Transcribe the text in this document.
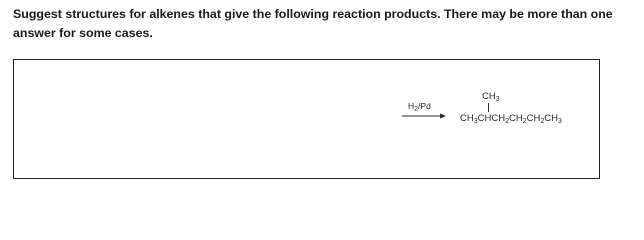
Suggest structures for alkenes that give the following reaction products. There may be more than one answer for some cases.
$H_2/Pd$
$CH_3$
$CH_3CHCH_2CH_2CH_2CH_3$
